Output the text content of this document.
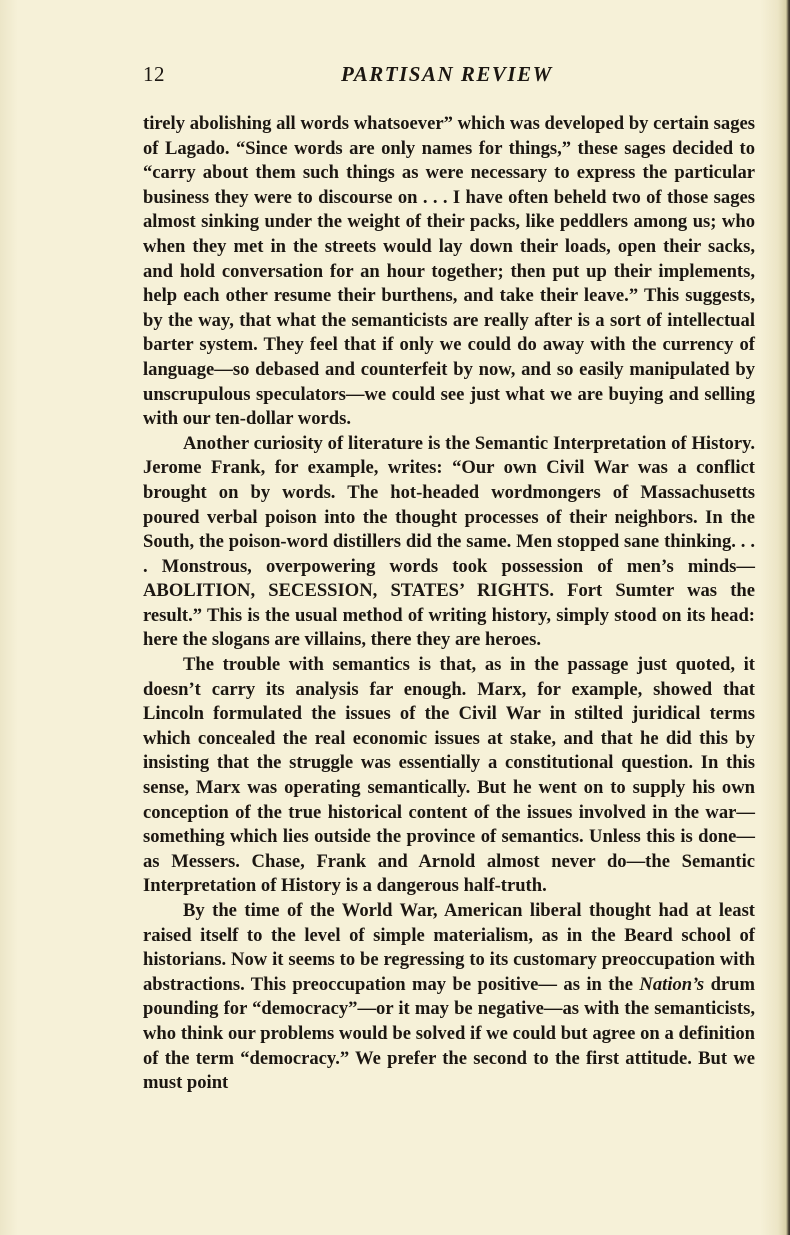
12	PARTISAN REVIEW

tirely abolishing all words whatsoever” which was developed by certain sages of Lagado. “Since words are only names for things,” these sages decided to “carry about them such things as were necessary to express the particular business they were to discourse on . . . I have often beheld two of those sages almost sinking under the weight of their packs, like peddlers among us; who when they met in the streets would lay down their loads, open their sacks, and hold conversation for an hour together; then put up their implements, help each other resume their burthens, and take their leave.” This suggests, by the way, that what the semanticists are really after is a sort of intellectual barter system. They feel that if only we could do away with the currency of language—so debased and counterfeit by now, and so easily manipulated by unscrupulous speculators—we could see just what we are buying and selling with our ten-dollar words.

Another curiosity of literature is the Semantic Interpretation of History. Jerome Frank, for example, writes: “Our own Civil War was a conflict brought on by words. The hot-headed wordmongers of Massachusetts poured verbal poison into the thought processes of their neighbors. In the South, the poison-word distillers did the same. Men stopped sane thinking. . . . Monstrous, overpowering words took possession of men’s minds—ABOLITION, SECESSION, STATES’ RIGHTS. Fort Sumter was the result.” This is the usual method of writing history, simply stood on its head: here the slogans are villains, there they are heroes.

The trouble with semantics is that, as in the passage just quoted, it doesn’t carry its analysis far enough. Marx, for example, showed that Lincoln formulated the issues of the Civil War in stilted juridical terms which concealed the real economic issues at stake, and that he did this by insisting that the struggle was essentially a constitutional question. In this sense, Marx was operating semantically. But he went on to supply his own conception of the true historical content of the issues involved in the war—something which lies outside the province of semantics. Unless this is done—as Messers. Chase, Frank and Arnold almost never do—the Semantic Interpretation of History is a dangerous half-truth.

By the time of the World War, American liberal thought had at least raised itself to the level of simple materialism, as in the Beard school of historians. Now it seems to be regressing to its customary preoccupation with abstractions. This preoccupation may be positive— as in the Nation’s drum pounding for “democracy”—or it may be negative—as with the semanticists, who think our problems would be solved if we could but agree on a definition of the term “democracy.” We prefer the second to the first attitude. But we must point
